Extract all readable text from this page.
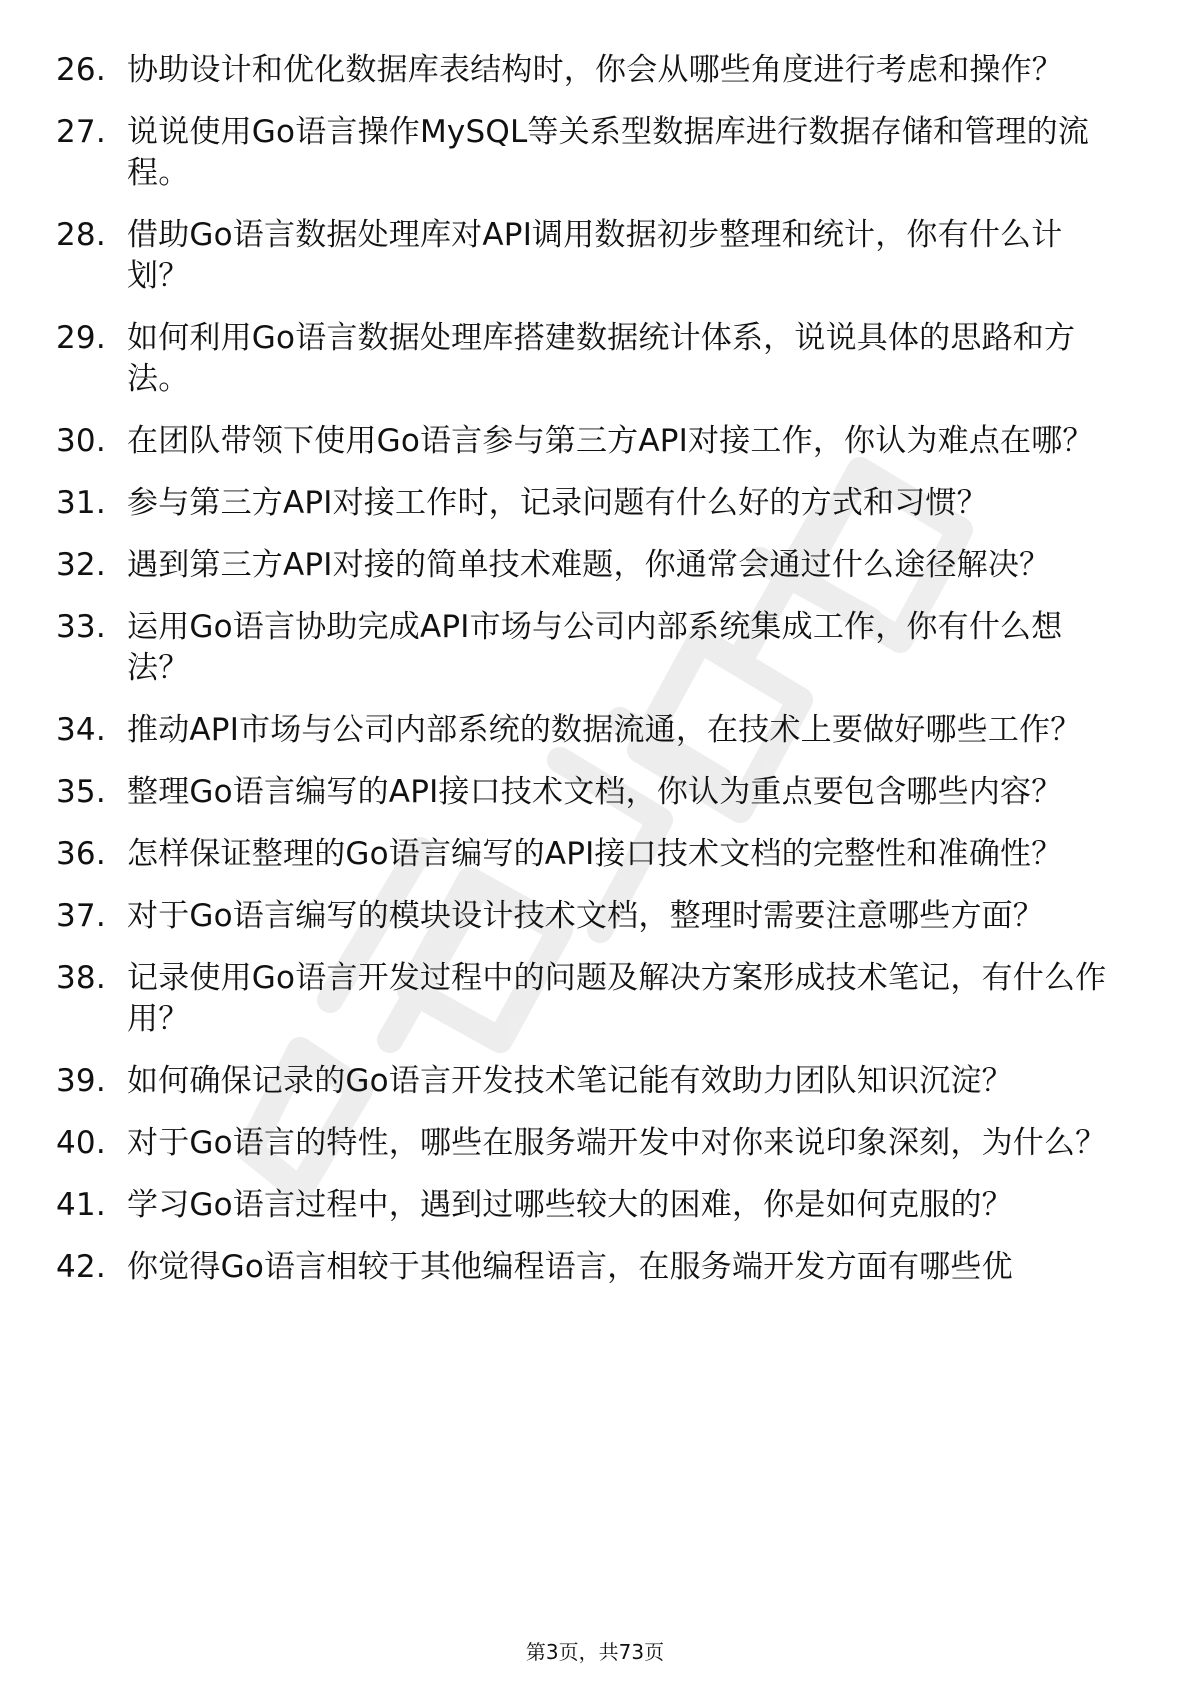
26. 协助设计和优化数据库表结构时，你会从哪些角度进行考虑和操作？
27. 说说使用Go语言操作MySQL等关系型数据库进行数据存储和管理的流程。
28. 借助Go语言数据处理库对API调用数据初步整理和统计，你有什么计划？
29. 如何利用Go语言数据处理库搭建数据统计体系，说说具体的思路和方法。
30. 在团队带领下使用Go语言参与第三方API对接工作，你认为难点在哪？
31. 参与第三方API对接工作时，记录问题有什么好的方式和习惯？
32. 遇到第三方API对接的简单技术难题，你通常会通过什么途径解决？
33. 运用Go语言协助完成API市场与公司内部系统集成工作，你有什么想法？
34. 推动API市场与公司内部系统的数据流通，在技术上要做好哪些工作？
35. 整理Go语言编写的API接口技术文档，你认为重点要包含哪些内容？
36. 怎样保证整理的Go语言编写的API接口技术文档的完整性和准确性？
37. 对于Go语言编写的模块设计技术文档，整理时需要注意哪些方面？
38. 记录使用Go语言开发过程中的问题及解决方案形成技术笔记，有什么作用？
39. 如何确保记录的Go语言开发技术笔记能有效助力团队知识沉淀？
40. 对于Go语言的特性，哪些在服务端开发中对你来说印象深刻，为什么？
41. 学习Go语言过程中，遇到过哪些较大的困难，你是如何克服的？
42. 你觉得Go语言相较于其他编程语言，在服务端开发方面有哪些优
第3页，共73页
